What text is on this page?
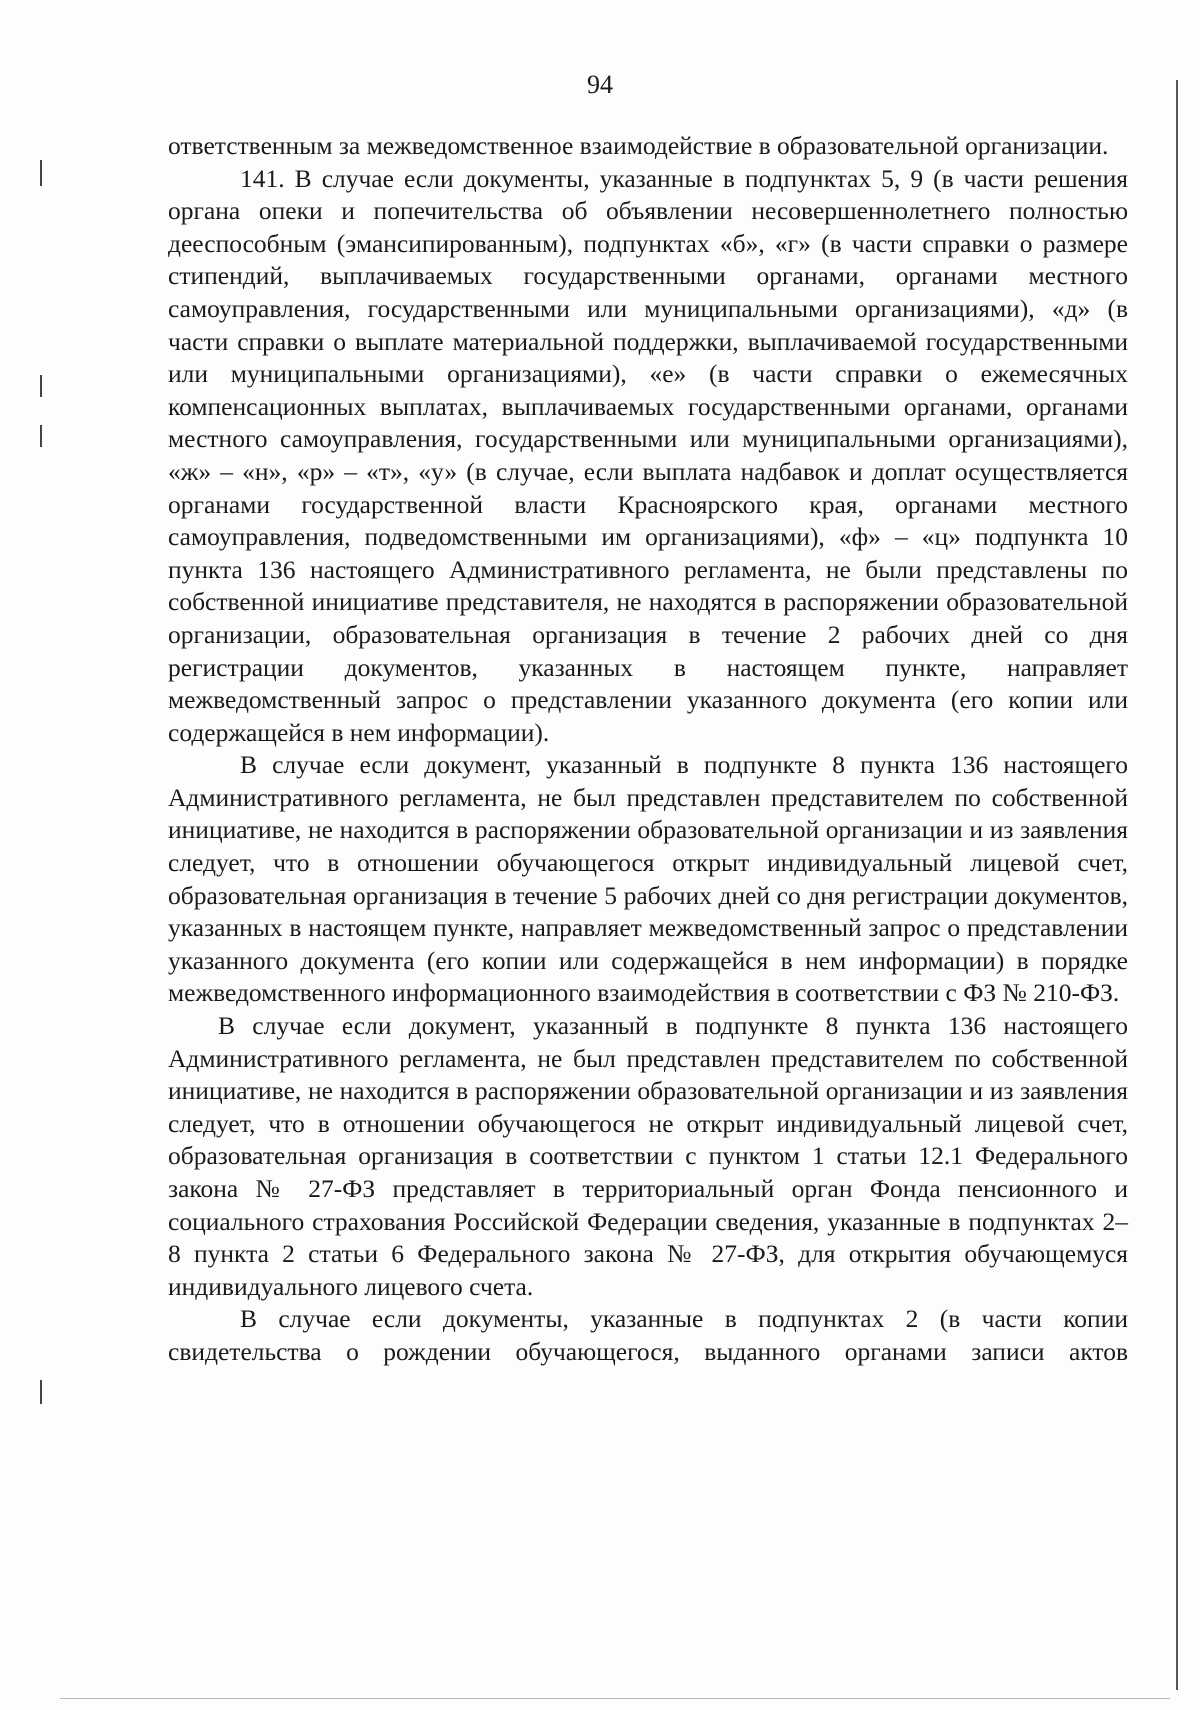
94

ответственным за межведомственное взаимодействие в образовательной организации.

141. В случае если документы, указанные в подпунктах 5, 9 (в части решения органа опеки и попечительства об объявлении несовершеннолетнего полностью дееспособным (эмансипированным), подпунктах «б», «г» (в части справки о размере стипендий, выплачиваемых государственными органами, органами местного самоуправления, государственными или муниципальными организациями), «д» (в части справки о выплате материальной поддержки, выплачиваемой государственными или муниципальными организациями), «е» (в части справки о ежемесячных компенсационных выплатах, выплачиваемых государственными органами, органами местного самоуправления, государственными или муниципальными организациями), «ж» – «н», «р» – «т», «у» (в случае, если выплата надбавок и доплат осуществляется органами государственной власти Красноярского края, органами местного самоуправления, подведомственными им организациями), «ф» – «ц» подпункта 10 пункта 136 настоящего Административного регламента, не были представлены по собственной инициативе представителя, не находятся в распоряжении образовательной организации, образовательная организация в течение 2 рабочих дней со дня регистрации документов, указанных в настоящем пункте, направляет межведомственный запрос о представлении указанного документа (его копии или содержащейся в нем информации).

В случае если документ, указанный в подпункте 8 пункта 136 настоящего Административного регламента, не был представлен представителем по собственной инициативе, не находится в распоряжении образовательной организации и из заявления следует, что в отношении обучающегося открыт индивидуальный лицевой счет, образовательная организация в течение 5 рабочих дней со дня регистрации документов, указанных в настоящем пункте, направляет межведомственный запрос о представлении указанного документа (его копии или содержащейся в нем информации) в порядке межведомственного информационного взаимодействия в соответствии с ФЗ № 210-ФЗ.

В случае если документ, указанный в подпункте 8 пункта 136 настоящего Административного регламента, не был представлен представителем по собственной инициативе, не находится в распоряжении образовательной организации и из заявления следует, что в отношении обучающегося не открыт индивидуальный лицевой счет, образовательная организация в соответствии с пунктом 1 статьи 12.1 Федерального закона № 27-ФЗ представляет в территориальный орган Фонда пенсионного и социального страхования Российской Федерации сведения, указанные в подпунктах 2–8 пункта 2 статьи 6 Федерального закона № 27-ФЗ, для открытия обучающемуся индивидуального лицевого счета.

В случае если документы, указанные в подпунктах 2 (в части копии свидетельства о рождении обучающегося, выданного органами записи актов
